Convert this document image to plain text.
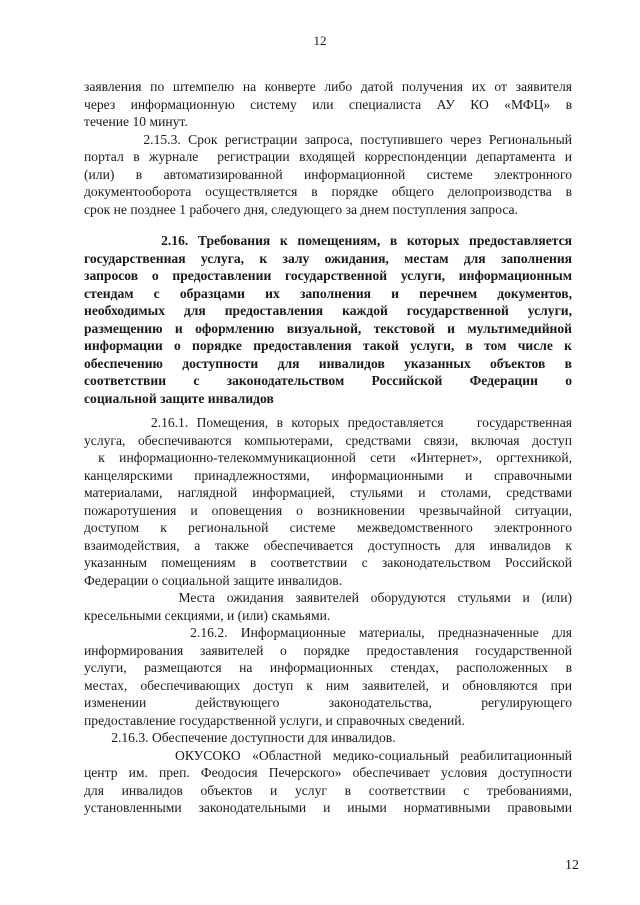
12
заявления по штемпелю на конверте либо датой получения их от заявителя
через информационную систему или специалиста АУ КО «МФЦ» в
течение 10 минут.
2.15.3. Срок регистрации запроса, поступившего через Региональный
портал в журнале  регистрации входящей корреспонденции департамента и
(или) в автоматизированной информационной системе электронного
документооборота осуществляется в порядке общего делопроизводства в
срок не позднее 1 рабочего дня, следующего за днем поступления запроса.
2.16. Требования к помещениям, в которых предоставляется
государственная услуга, к залу ожидания, местам для заполнения
запросов о предоставлении государственной услуги, информационным
стендам с образцами их заполнения и перечнем документов,
необходимых для предоставления каждой государственной услуги,
размещению и оформлению визуальной, текстовой и мультимедийной
информации о порядке предоставления такой услуги, в том числе к
обеспечению доступности для инвалидов указанных объектов в
соответствии с законодательством Российской Федерации о
социальной защите инвалидов
2.16.1. Помещения, в которых предоставляется    государственная
услуга, обеспечиваются компьютерами, средствами связи, включая доступ
к информационно-телекоммуникационной сети «Интернет», оргтехникой,
канцелярскими принадлежностями, информационными и справочными
материалами, наглядной информацией, стульями и столами, средствами
пожаротушения и оповещения о возникновении чрезвычайной ситуации,
доступом к региональной системе межведомственного электронного
взаимодействия, а также обеспечивается доступность для инвалидов к
указанным помещениям в соответствии с законодательством Российской
Федерации о социальной защите инвалидов.
Места ожидания заявителей оборудуются стульями и (или)
кресельными секциями, и (или) скамьями.
2.16.2. Информационные материалы, предназначенные для
информирования заявителей о порядке предоставления государственной
услуги, размещаются на информационных стендах, расположенных в
местах, обеспечивающих доступ к ним заявителей, и обновляются при
изменении действующего законодательства, регулирующего
предоставление государственной услуги, и справочных сведений.
2.16.3. Обеспечение доступности для инвалидов.
ОКУСОКО «Областной медико-социальный реабилитационный
центр им. преп. Феодосия Печерского» обеспечивает условия доступности
для инвалидов объектов и услуг в соответствии с требованиями,
установленными законодательными и иными нормативными правовыми
12
